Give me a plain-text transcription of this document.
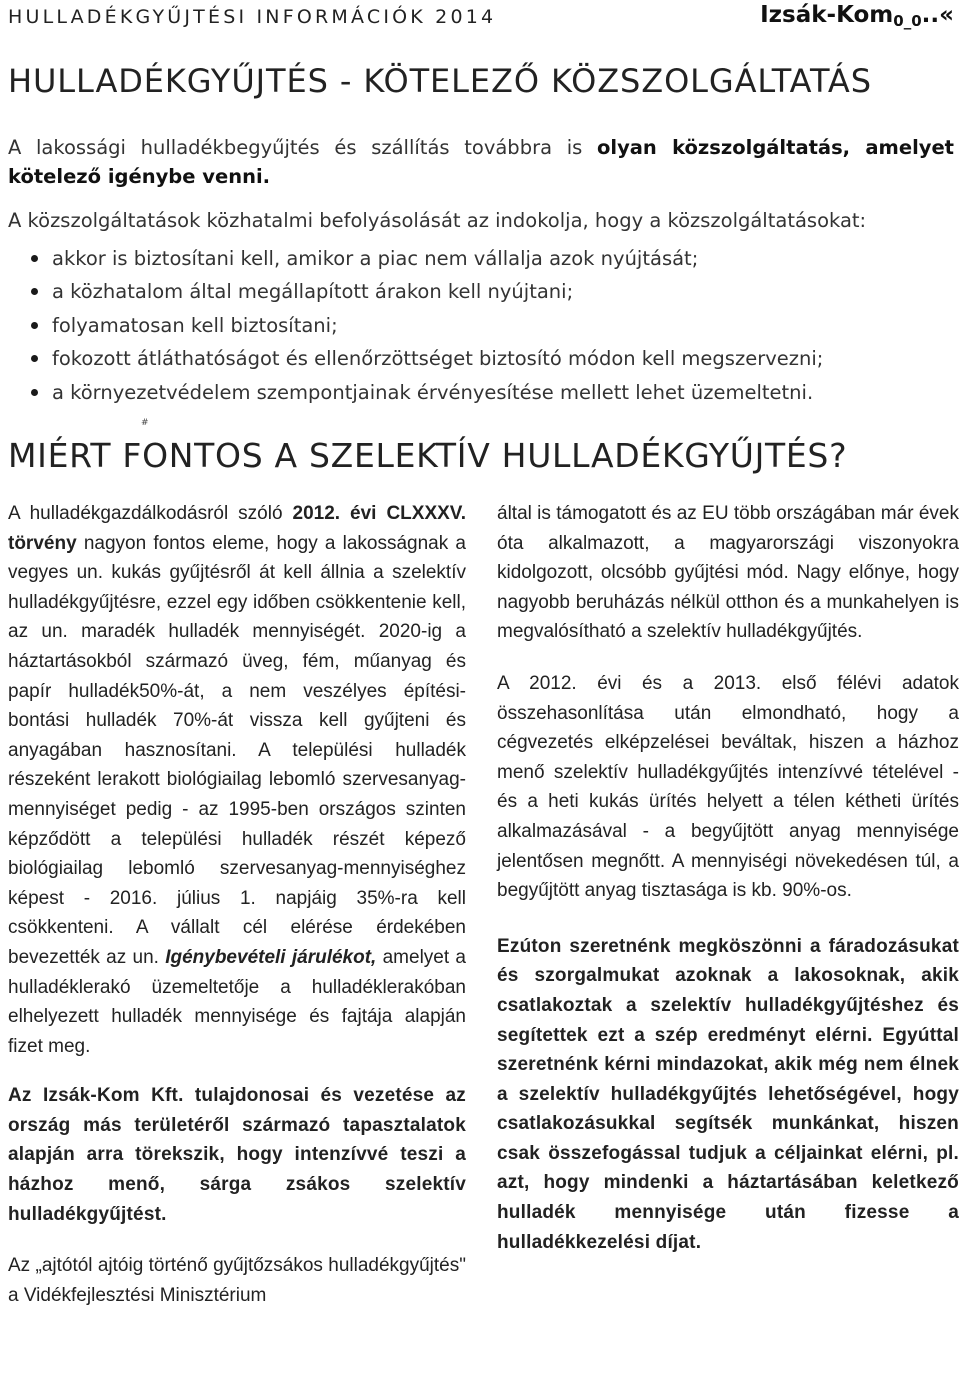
HULLADÉKGYŰJTÉSI INFORMÁCIÓK 2014	Izsák-Kom$_{0\_0}$..«
HULLADÉKGYŰJTÉS - KÖTELEZŐ KÖZSZOLGÁLTATÁS

A lakossági hulladékbegyűjtés és szállítás továbbra is olyan közszolgáltatás, amelyet kötelező igénybe venni.

A közszolgáltatások közhatalmi befolyásolását az indokolja, hogy a közszolgáltatásokat:

akkor is biztosítani kell, amikor a piac nem vállalja azok nyújtását;
a közhatalom által megállapított árakon kell nyújtani;
folyamatosan kell biztosítani;
fokozott átláthatóságot és ellenőrzöttséget biztosító módon kell megszervezni;
a környezetvédelem szempontjainak érvényesítése mellett lehet üzemeltetni.
#
MIÉRT FONTOS A SZELEKTÍV HULLADÉKGYŰJTÉS?

A hulladékgazdálkodásról szóló 2012. évi CLXXXV. törvény nagyon fontos eleme, hogy a lakosságnak a vegyes un. kukás gyűjtésről át kell állnia a szelektív hulladékgyűjtésre, ezzel egy időben csökkentenie kell, az un. maradék hulladék mennyiségét. 2020-ig a háztartásokból származó üveg, fém, műanyag és papír hulladék50%-át, a nem veszélyes építési-bontási hulladék 70%-át vissza kell gyűjteni és anyagában hasznosítani. A települési hulladék részeként lerakott biológiailag lebomló szervesanyag-mennyiséget pedig - az 1995-ben országos szinten képződött a települési hulladék részét képező biológiailag lebomló szervesanyag-mennyiséghez képest - 2016. július 1. napjáig 35%-ra kell csökkenteni. A vállalt cél elérése érdekében bevezették az un. Igénybevételi járulékot, amelyet a hulladéklerakó üzemeltetője a hulladéklerakóban elhelyezett hulladék mennyisége és fajtája alapján fizet meg.

Az Izsák-Kom Kft. tulajdonosai és vezetése az ország más területéről származó tapasztalatok alapján arra törekszik, hogy intenzívvé teszi a házhoz menő, sárga zsákos szelektív hulladékgyűjtést.

Az „ajtótól ajtóig történő gyűjtőzsákos hulladékgyűjtés" a Vidékfejlesztési Minisztérium

által is támogatott és az EU több országában már évek óta alkalmazott, a magyarországi viszonyokra kidolgozott, olcsóbb gyűjtési mód. Nagy előnye, hogy nagyobb beruházás nélkül otthon és a munkahelyen is megvalósítható a szelektív hulladékgyűjtés.

A 2012. évi és a 2013. első félévi adatok összehasonlítása után elmondható, hogy a cégvezetés elképzelései beváltak, hiszen a házhoz menő szelektív hulladékgyűjtés intenzívvé tételével - és a heti kukás ürítés helyett a télen kétheti ürítés alkalmazásával - a begyűjtött anyag mennyisége jelentősen megnőtt. A mennyiségi növekedésen túl, a begyűjtött anyag tisztasága is kb. 90%-os.

Ezúton szeretnénk megköszönni a fáradozásukat és szorgalmukat azoknak a lakosoknak, akik csatlakoztak a szelektív hulladékgyűjtéshez és segítettek ezt a szép eredményt elérni. Egyúttal szeretnénk kérni mindazokat, akik még nem élnek a szelektív hulladékgyűjtés lehetőségével, hogy csatlakozásukkal segítsék munkánkat, hiszen csak összefogással tudjuk a céljainkat elérni, pl. azt, hogy mindenki a háztartásában keletkező hulladék mennyisége után fizesse a hulladékkezelési díjat.
